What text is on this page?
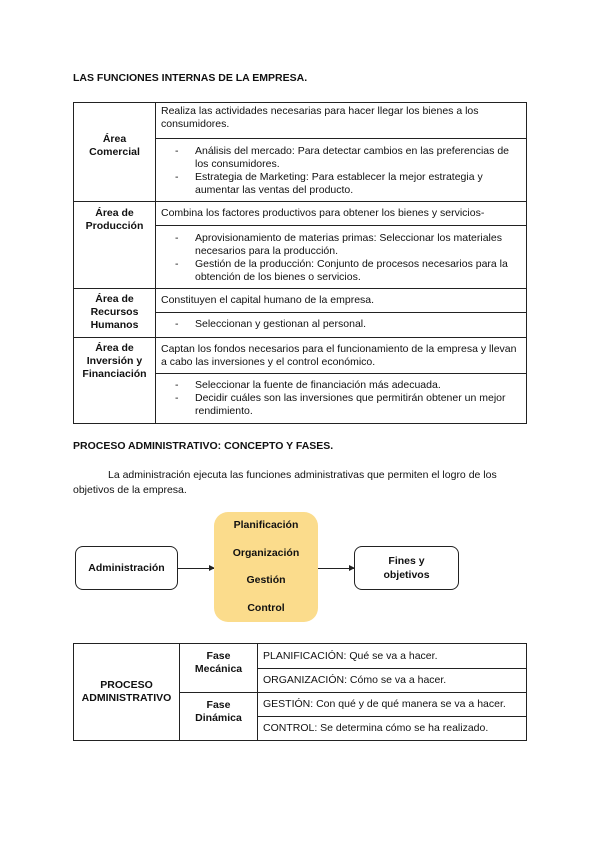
LAS FUNCIONES INTERNAS DE LA EMPRESA.
Área Comercial
Realiza las actividades necesarias para hacer llegar los bienes a los consumidores.
- Análisis del mercado: Para detectar cambios en las preferencias de los consumidores.
- Estrategia de Marketing: Para establecer la mejor estrategia y aumentar las ventas del producto.
Área de Producción
Combina los factores productivos para obtener los bienes y servicios-
- Aprovisionamiento de materias primas: Seleccionar los materiales necesarios para la producción.
- Gestión de la producción: Conjunto de procesos necesarios para la obtención de los bienes o servicios.
Área de Recursos Humanos
Constituyen el capital humano de la empresa.
- Seleccionan y gestionan al personal.
Área de Inversión y Financiación
Captan los fondos necesarios para el funcionamiento de la empresa y llevan a cabo las inversiones y el control económico.
- Seleccionar la fuente de financiación más adecuada.
- Decidir cuáles son las inversiones que permitirán obtener un mejor rendimiento.
PROCESO ADMINISTRATIVO: CONCEPTO Y FASES.
La administración ejecuta las funciones administrativas que permiten el logro de los objetivos de la empresa.
Administración
Planificación
Organización
Gestión
Control
Fines y objetivos
PROCESO ADMINISTRATIVO
Fase Mecánica
Fase Dinámica
PLANIFICACIÓN: Qué se va a hacer.
ORGANIZACIÓN: Cómo se va a hacer.
GESTIÓN: Con qué y de qué manera se va a hacer.
CONTROL: Se determina cómo se ha realizado.
